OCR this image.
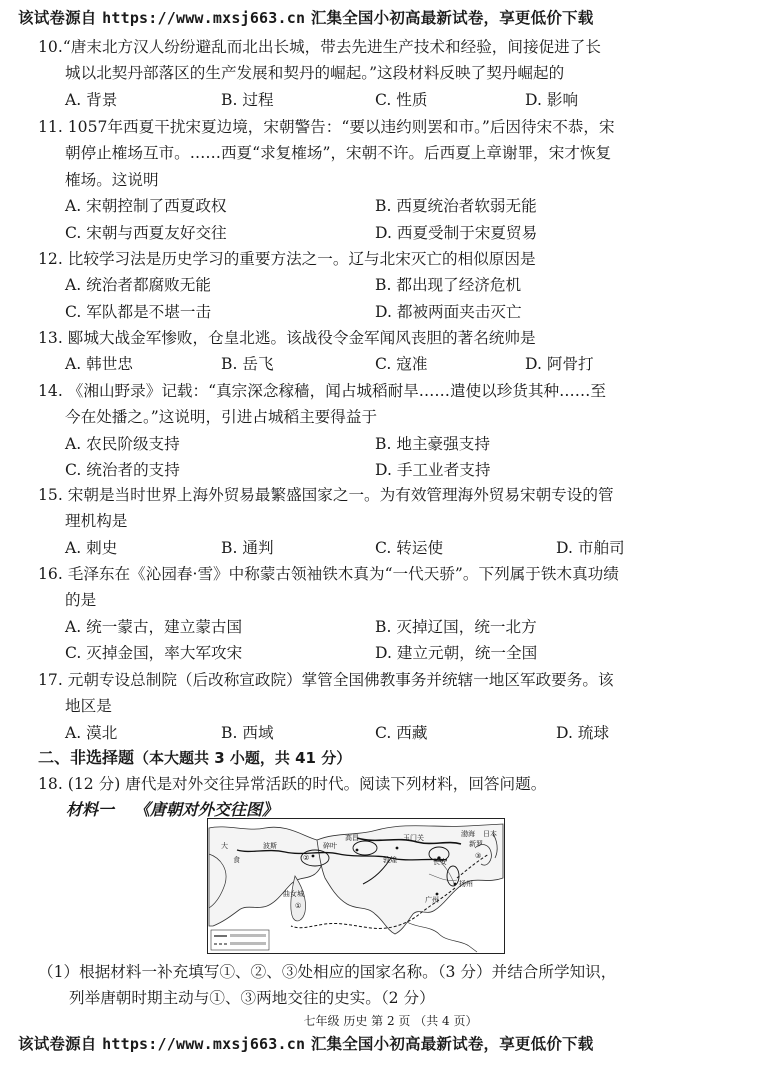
该试卷源自 https://www.mxsj663.cn 汇集全国小初高最新试卷，享更低价下载
10.“唐末北方汉人纷纷避乱而北出长城，带去先进生产技术和经验，间接促进了长
城以北契丹部落区的生产发展和契丹的崛起。”这段材料反映了契丹崛起的
A. 背景	B. 过程	C. 性质	D. 影响
11. 1057年西夏干扰宋夏边境，宋朝警告：“要以违约则罢和市。”后因待宋不恭，宋
朝停止榷场互市。……西夏“求复榷场”，宋朝不许。后西夏上章谢罪，宋才恢复
榷场。这说明
A. 宋朝控制了西夏政权	B. 西夏统治者软弱无能
C. 宋朝与西夏友好交往	D. 西夏受制于宋夏贸易
12. 比较学习法是历史学习的重要方法之一。辽与北宋灭亡的相似原因是
A. 统治者都腐败无能	B. 都出现了经济危机
C. 军队都是不堪一击	D. 都被两面夹击灭亡
13. 郾城大战金军惨败，仓皇北逃。该战役令金军闻风丧胆的著名统帅是
A. 韩世忠	B. 岳飞	C. 寇准	D. 阿骨打
14. 《湘山野录》记载：“真宗深念稼穑，闻占城稻耐旱……遣使以珍货其种……至
今在处播之。”这说明，引进占城稻主要得益于
A. 农民阶级支持	B. 地主豪强支持
C. 统治者的支持	D. 手工业者支持
15. 宋朝是当时世界上海外贸易最繁盛国家之一。为有效管理海外贸易宋朝专设的管
理机构是
A. 刺史	B. 通判	C. 转运使	D. 市舶司
16. 毛泽东在《沁园春·雪》中称蒙古领袖铁木真为“一代天骄”。下列属于铁木真功绩
的是
A. 统一蒙古，建立蒙古国	B. 灭掉辽国，统一北方
C. 灭掉金国，率大军攻宋	D. 建立元朝，统一全国
17. 元朝专设总制院（后改称宣政院）掌管全国佛教事务并统辖一地区军政要务。该
地区是
A. 漠北	B. 西域	C. 西藏	D. 琉球
二、非选择题（本大题共 3 小题，共 41 分）
18. (12 分) 唐代是对外交往异常活跃的时代。阅读下列材料，回答问题。
材料一 《唐朝对外交往图》
大
食
波斯
①
②	③
长安
扬州
广州
敦煌
高昌
碎叶
玉门关
曲女城
渤海
新罗
日本
（1）根据材料一补充填写①、②、③处相应的国家名称。（3 分）并结合所学知识，
列举唐朝时期主动与①、③两地交往的史实。（2 分）
七年级 历史 第 2 页 （共 4 页）
该试卷源自 https://www.mxsj663.cn 汇集全国小初高最新试卷，享更低价下载
